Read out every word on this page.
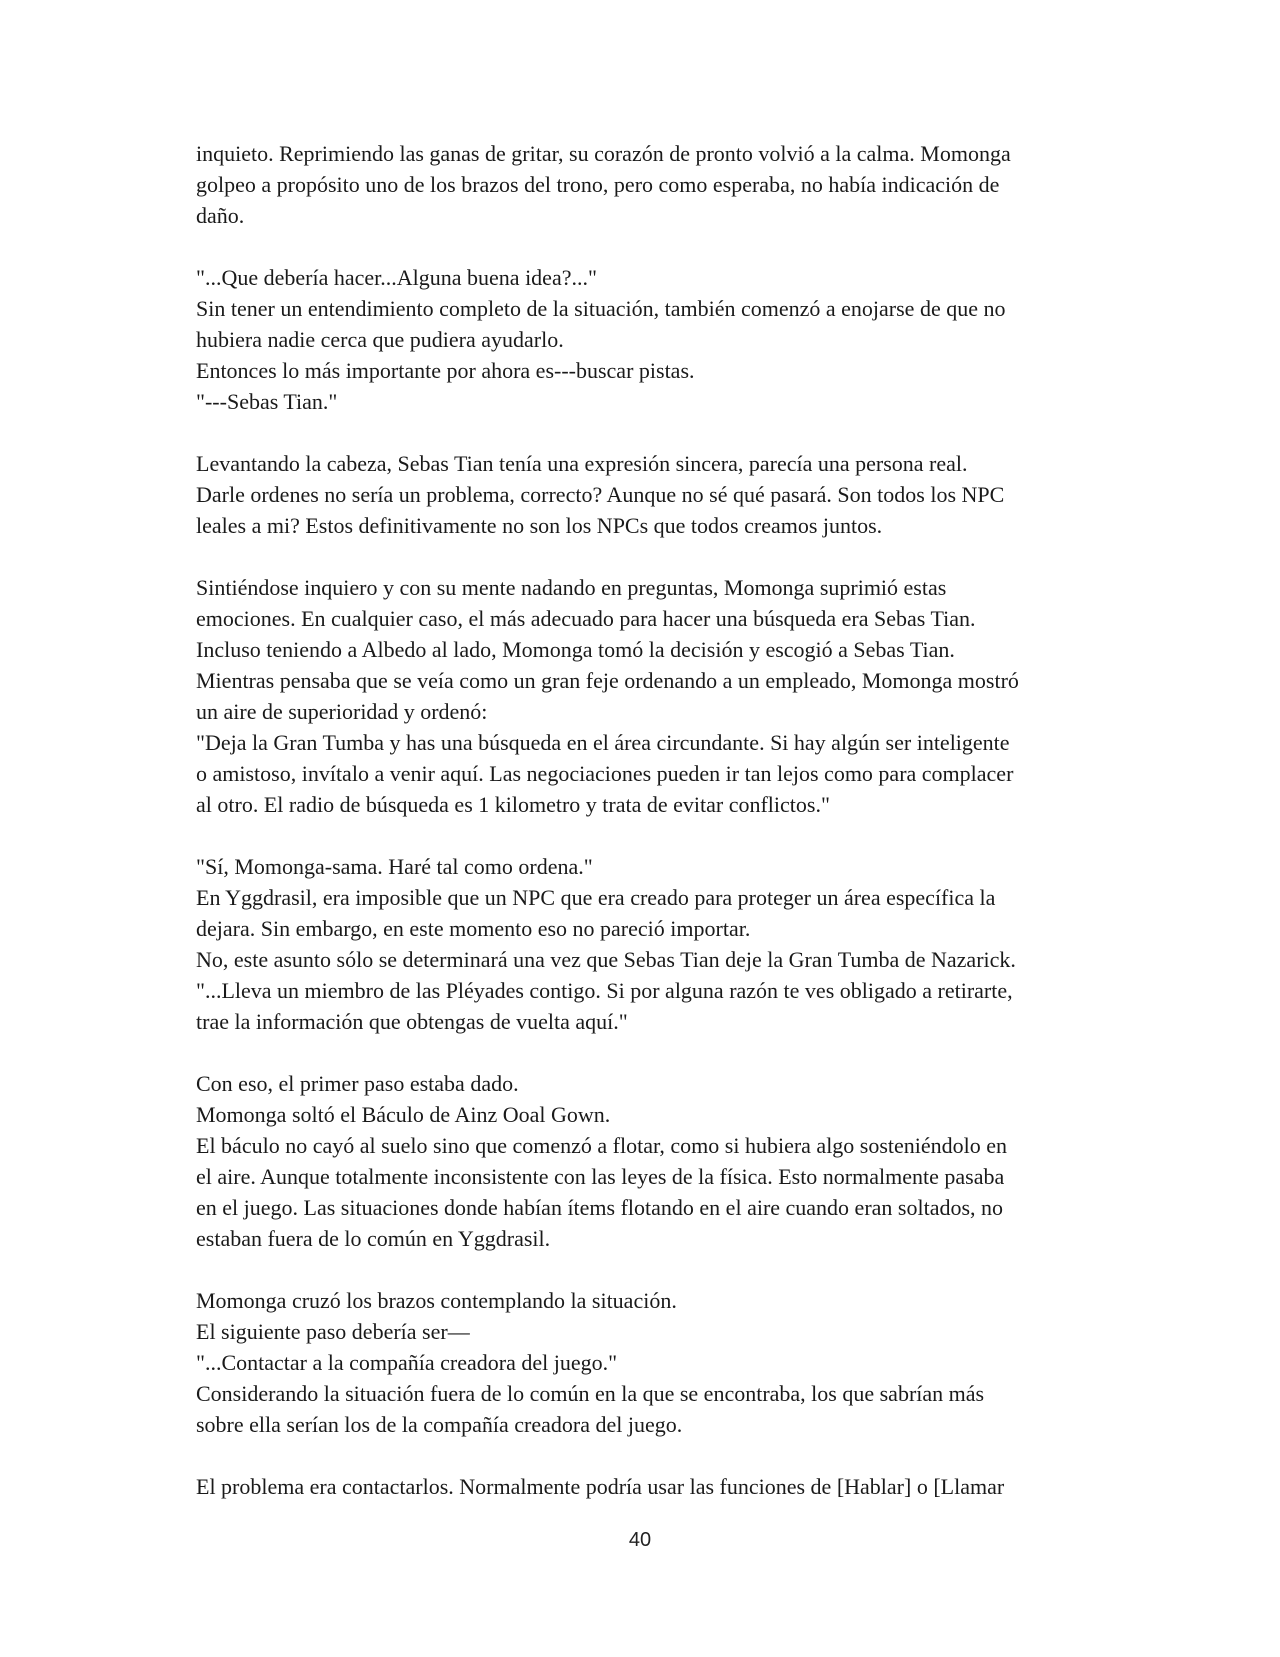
inquieto. Reprimiendo las ganas de gritar, su corazón de pronto volvió a la calma. Momonga
golpeo a propósito uno de los brazos del trono, pero como esperaba, no había indicación de
daño.
"...Que debería hacer...Alguna buena idea?..."
Sin tener un entendimiento completo de la situación, también comenzó a enojarse de que no
hubiera nadie cerca que pudiera ayudarlo.
Entonces lo más importante por ahora es---buscar pistas.
"---Sebas Tian."
Levantando la cabeza, Sebas Tian tenía una expresión sincera, parecía una persona real.
Darle ordenes no sería un problema, correcto? Aunque no sé qué pasará. Son todos los NPC
leales a mi? Estos definitivamente no son los NPCs que todos creamos juntos.
Sintiéndose inquiero y con su mente nadando en preguntas, Momonga suprimió estas
emociones. En cualquier caso, el más adecuado para hacer una búsqueda era Sebas Tian.
Incluso teniendo a Albedo al lado, Momonga tomó la decisión y escogió a Sebas Tian.
Mientras pensaba que se veía como un gran feje ordenando a un empleado, Momonga mostró
un aire de superioridad y ordenó:
"Deja la Gran Tumba y has una búsqueda en el área circundante. Si hay algún ser inteligente
o amistoso, invítalo a venir aquí. Las negociaciones pueden ir tan lejos como para complacer
al otro. El radio de búsqueda es 1 kilometro y trata de evitar conflictos."
"Sí, Momonga-sama. Haré tal como ordena."
En Yggdrasil, era imposible que un NPC que era creado para proteger un área específica la
dejara. Sin embargo, en este momento eso no pareció importar.
No, este asunto sólo se determinará una vez que Sebas Tian deje la Gran Tumba de Nazarick.
"...Lleva un miembro de las Pléyades contigo. Si por alguna razón te ves obligado a retirarte,
trae la información que obtengas de vuelta aquí."
Con eso, el primer paso estaba dado.
Momonga soltó el Báculo de Ainz Ooal Gown.
El báculo no cayó al suelo sino que comenzó a flotar, como si hubiera algo sosteniéndolo en
el aire. Aunque totalmente inconsistente con las leyes de la física. Esto normalmente pasaba
en el juego. Las situaciones donde habían ítems flotando en el aire cuando eran soltados, no
estaban fuera de lo común en Yggdrasil.
Momonga cruzó los brazos contemplando la situación.
El siguiente paso debería ser—
"...Contactar a la compañía creadora del juego."
Considerando la situación fuera de lo común en la que se encontraba, los que sabrían más
sobre ella serían los de la compañía creadora del juego.
El problema era contactarlos. Normalmente podría usar las funciones de [Hablar] o [Llamar
40
